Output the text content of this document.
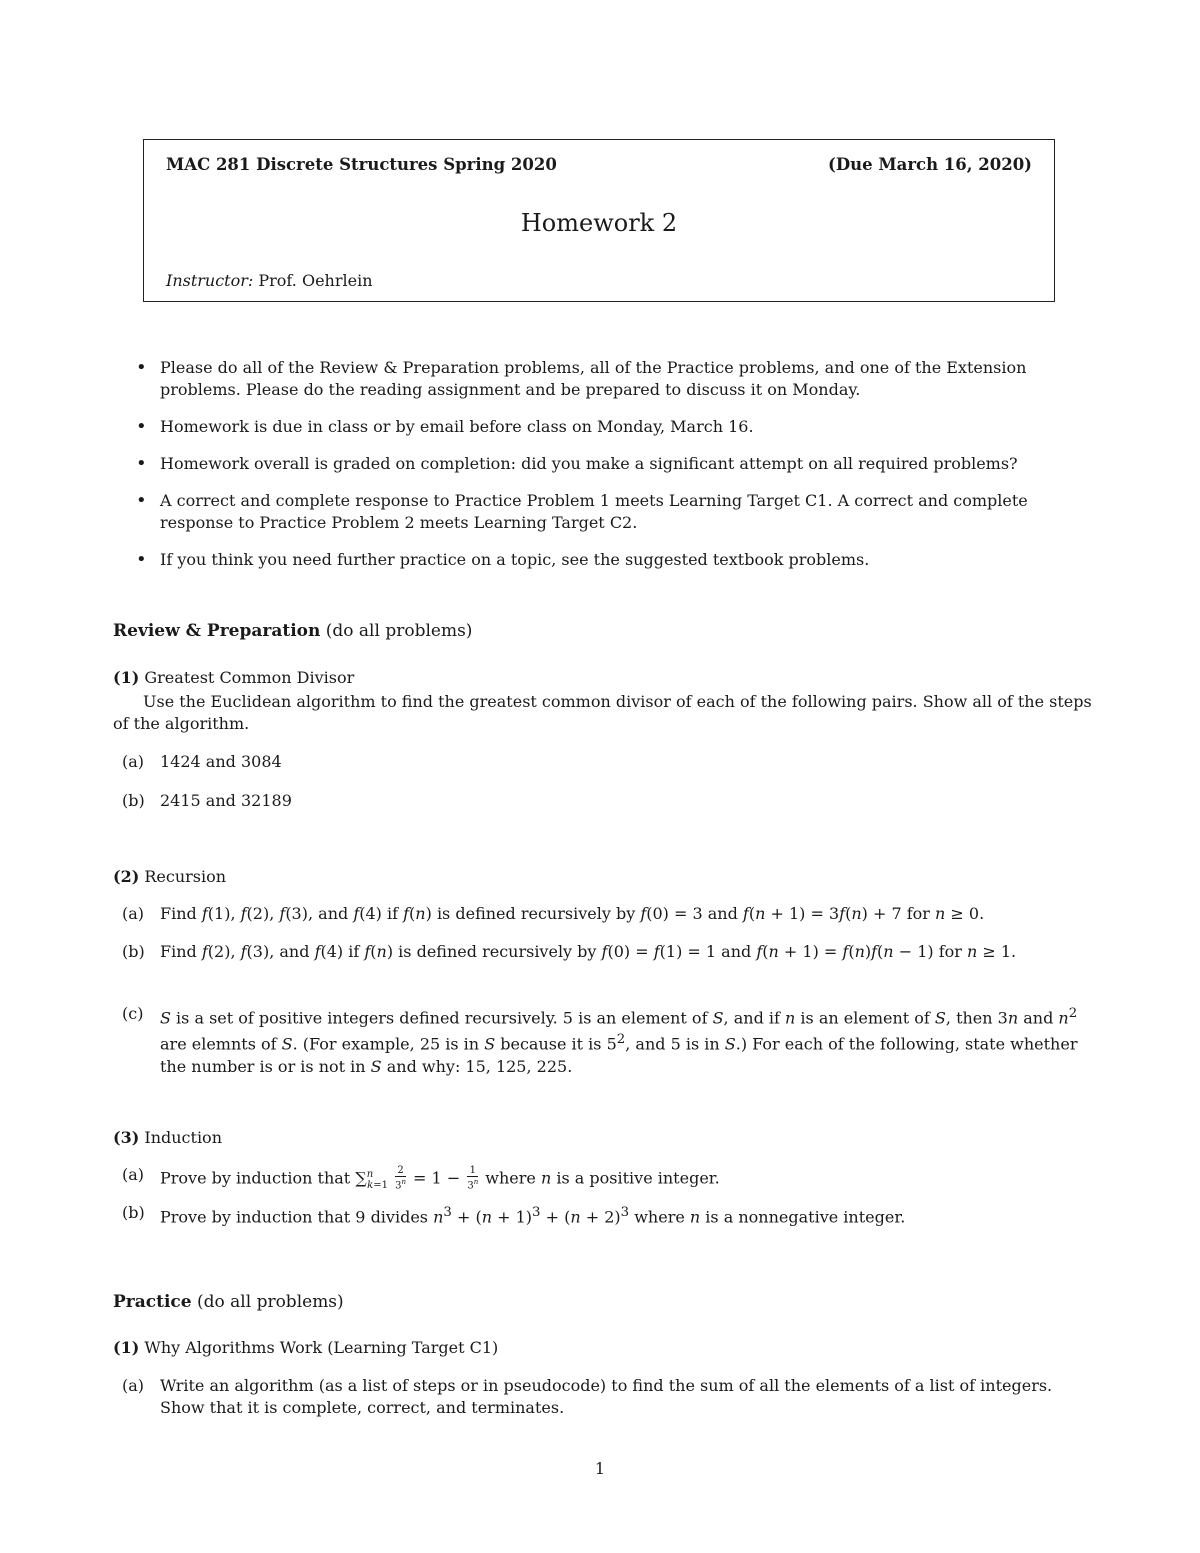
MAC 281 Discrete Structures Spring 2020	(Due March 16, 2020)
Homework 2
Instructor: Prof. Oehrlein
• Please do all of the Review & Preparation problems, all of the Practice problems, and one of the Extension problems. Please do the reading assignment and be prepared to discuss it on Monday.
• Homework is due in class or by email before class on Monday, March 16.
• Homework overall is graded on completion: did you make a significant attempt on all required problems?
• A correct and complete response to Practice Problem 1 meets Learning Target C1. A correct and complete response to Practice Problem 2 meets Learning Target C2.
• If you think you need further practice on a topic, see the suggested textbook problems.
Review & Preparation (do all problems)
(1) Greatest Common Divisor
Use the Euclidean algorithm to find the greatest common divisor of each of the following pairs. Show all of the steps of the algorithm.
(a) 1424 and 3084
(b) 2415 and 32189
(2) Recursion
(a) Find f(1), f(2), f(3), and f(4) if f(n) is defined recursively by f(0) = 3 and f(n + 1) = 3f(n) + 7 for n ≥ 0.
(b) Find f(2), f(3), and f(4) if f(n) is defined recursively by f(0) = f(1) = 1 and f(n + 1) = f(n)f(n − 1) for n ≥ 1.
(c)	S is a set of positive integers defined recursively. 5 is an element of S, and if n is an element of S, then 3n and $n^2$ are elemnts of S. (For example, 25 is in S because it is $5^2$, and 5 is in S.) For each of the following, state whether the number is or is not in S and why: 15, 125, 225.
(3) Induction
(a) Prove by induction that $\sum^n_{k=1} \frac{2}{3^n} = 1 - \frac{1}{3^n}$ where n is a positive integer.
(b) Prove by induction that 9 divides $n^3 + (n + 1)^3 + (n + 2)^3$ where n is a nonnegative integer.
Practice (do all problems)
(1) Why Algorithms Work (Learning Target C1)
(a) Write an algorithm (as a list of steps or in pseudocode) to find the sum of all the elements of a list of integers. Show that it is complete, correct, and terminates.
1
